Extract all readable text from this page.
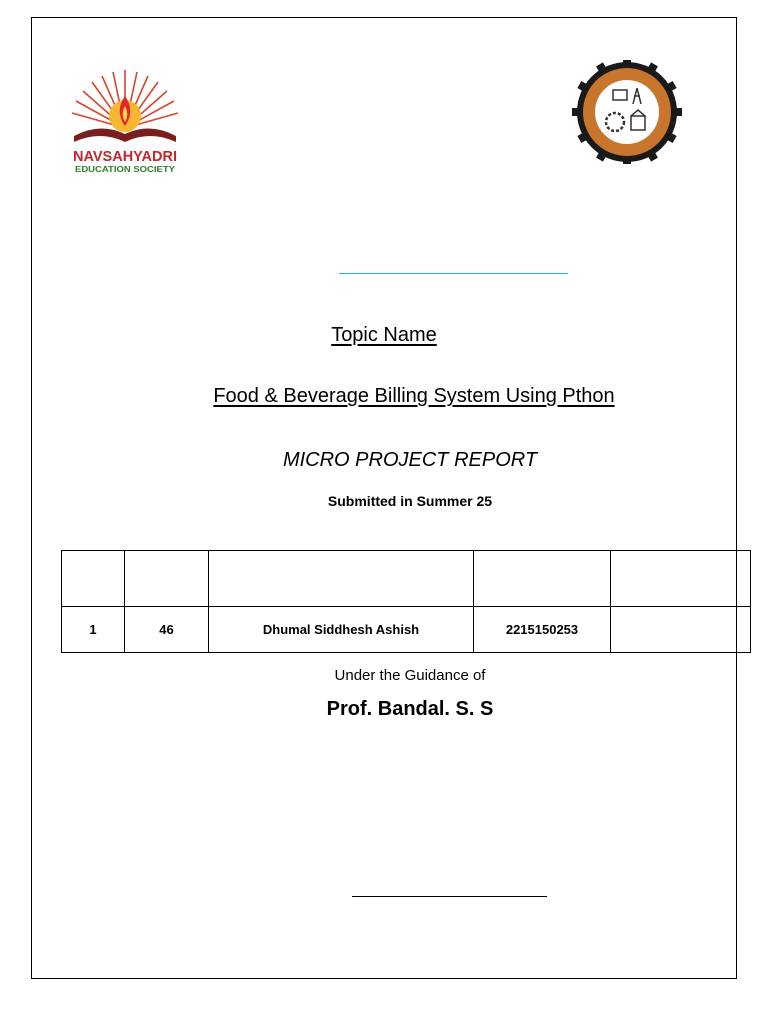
NAVSAHYADRI
EDUCATION SOCIETY
Topic Name
Food & Beverage Billing System Using Pthon
MICRO PROJECT REPORT
Submitted in Summer 25

1	46	Dhumal Siddhesh Ashish	2215150253	
Under the Guidance of
Prof. Bandal. S. S
